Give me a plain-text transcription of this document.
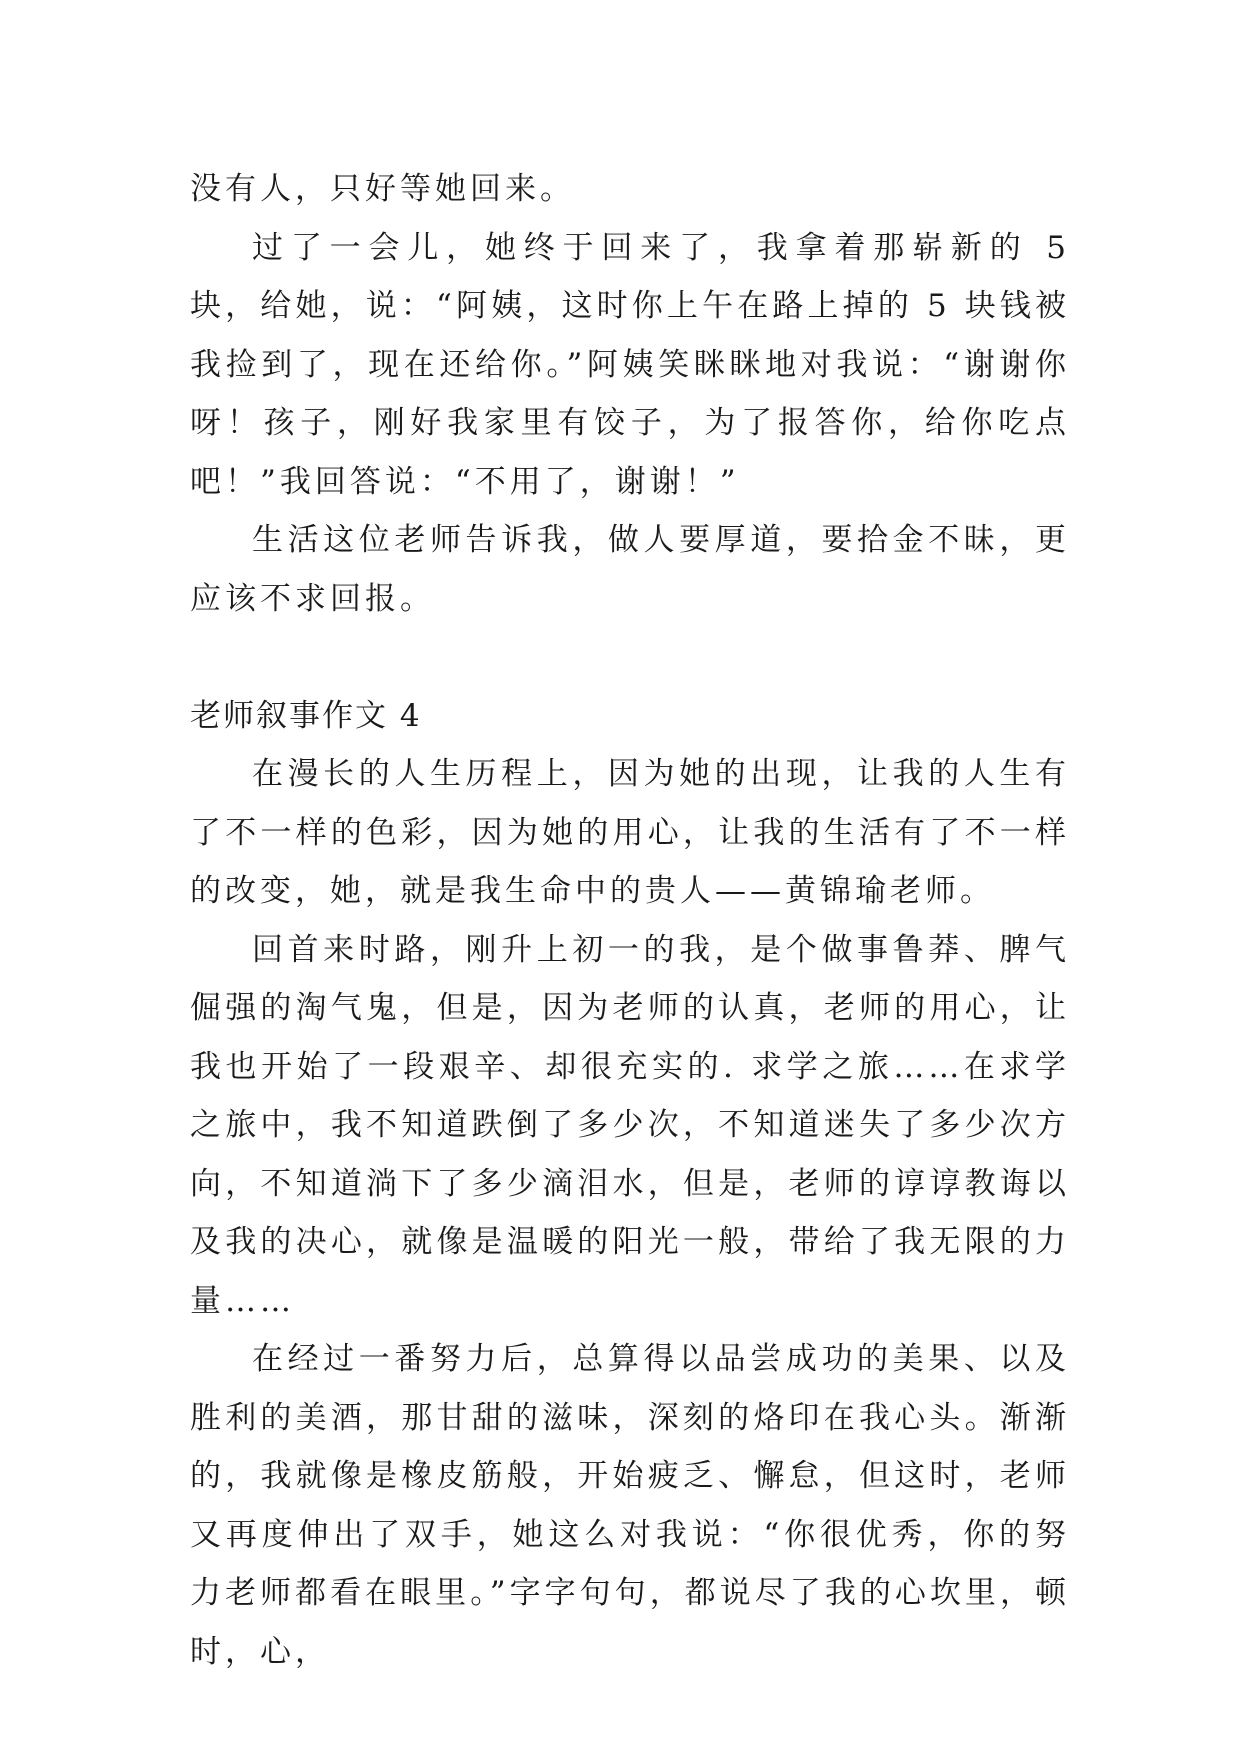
没有人，只好等她回来。

过了一会儿，她终于回来了，我拿着那崭新的 5 块，给她，说：“阿姨，这时你上午在路上掉的 5 块钱被我捡到了，现在还给你。”阿姨笑眯眯地对我说：“谢谢你呀！孩子，刚好我家里有饺子，为了报答你，给你吃点吧！”我回答说：“不用了，谢谢！”

生活这位老师告诉我，做人要厚道，要拾金不昧，更应该不求回报。

老师叙事作文 4

在漫长的人生历程上，因为她的出现，让我的人生有了不一样的色彩，因为她的用心，让我的生活有了不一样的改变，她，就是我生命中的贵人——黄锦瑜老师。

回首来时路，刚升上初一的我，是个做事鲁莽、脾气倔强的淘气鬼，但是，因为老师的认真，老师的用心，让我也开始了一段艰辛、却很充实的. 求学之旅……在求学之旅中，我不知道跌倒了多少次，不知道迷失了多少次方向，不知道淌下了多少滴泪水，但是，老师的谆谆教诲以及我的决心，就像是温暖的阳光一般，带给了我无限的力量……

在经过一番努力后，总算得以品尝成功的美果、以及胜利的美酒，那甘甜的滋味，深刻的烙印在我心头。渐渐的，我就像是橡皮筋般，开始疲乏、懈怠，但这时，老师又再度伸出了双手，她这么对我说：“你很优秀，你的努力老师都看在眼里。”字字句句，都说尽了我的心坎里，顿时，心，
